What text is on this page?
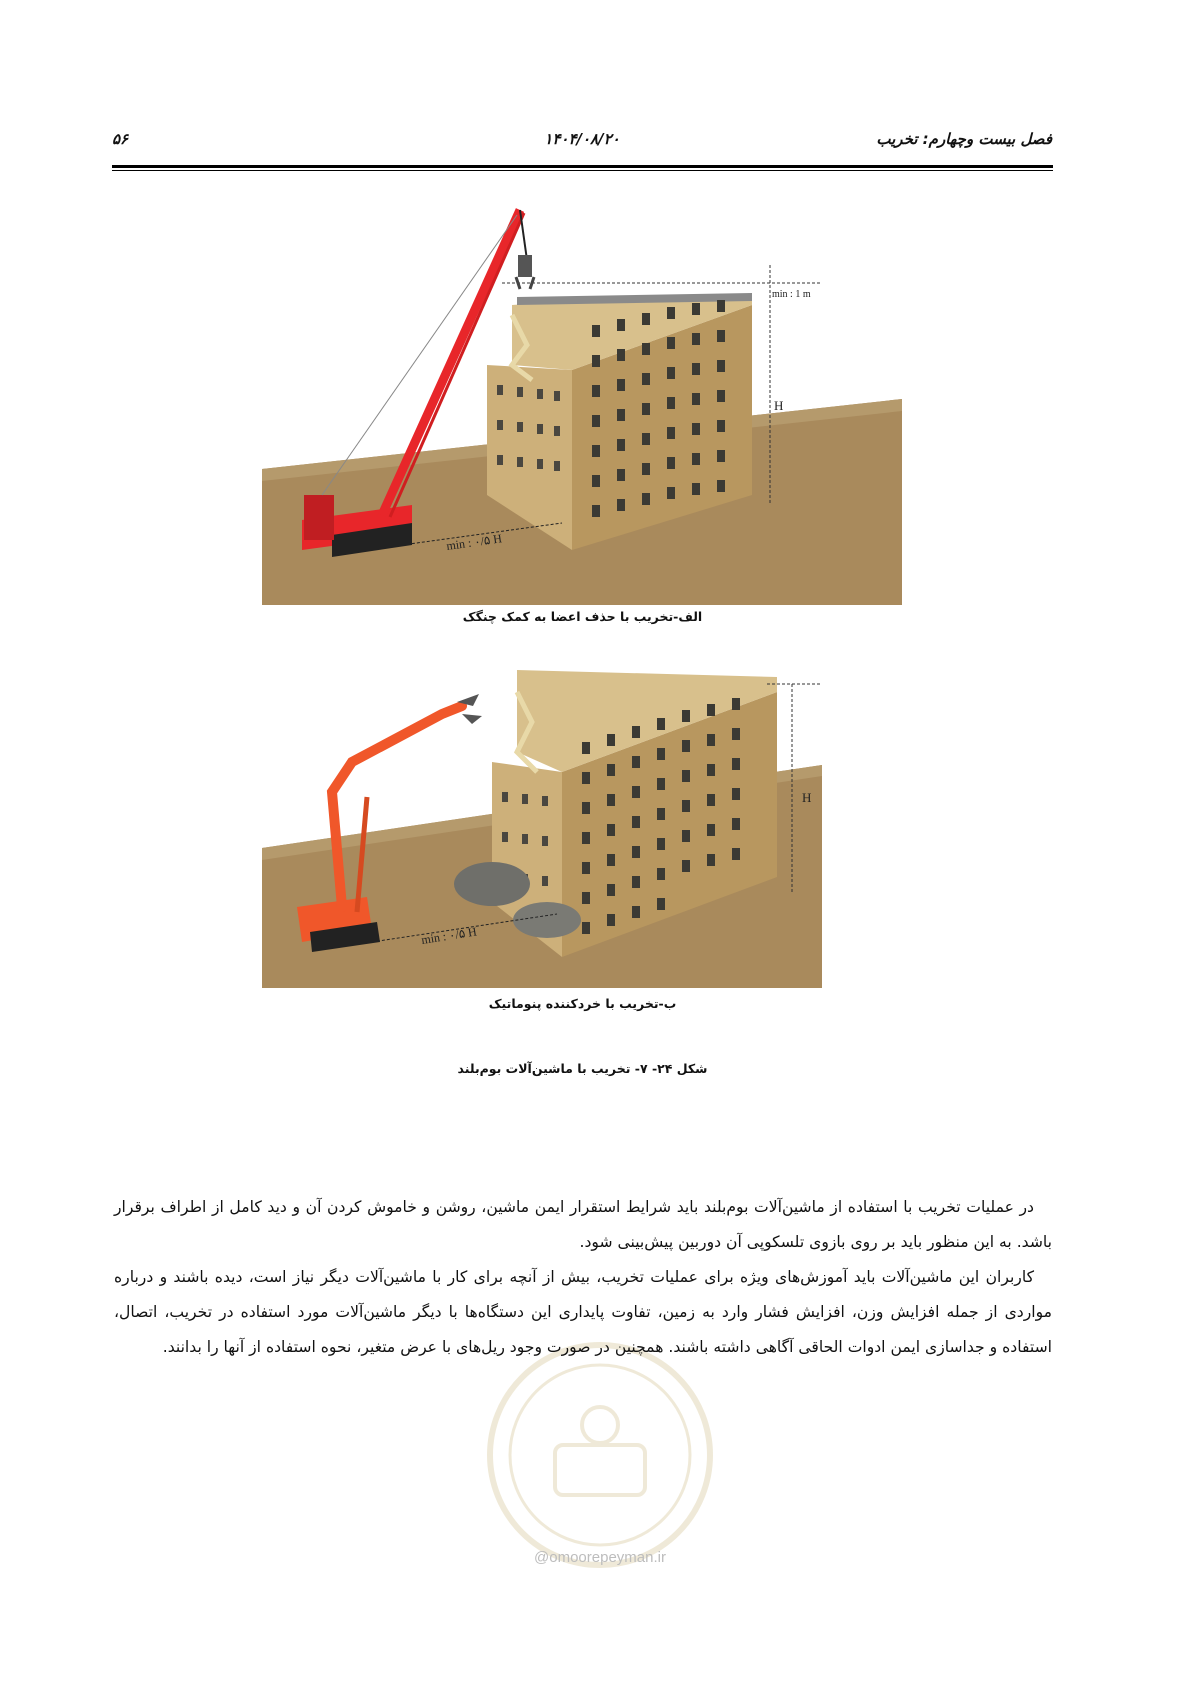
فصل بیست وچهارم: تخریب
۱۴۰۴/۰۸/۲۰
۵۶
min : 1 m
H
min : ۰/۵ H
الف-تخریب با حذف اعضا به کمک چنگک
H
min : ۰/۵ H
ب-تخریب با خردکننده پنوماتیک
شکل ۲۴- ۷- تخریب با ماشین‌آلات بوم‌بلند
@omoorepeyman.ir

در عملیات تخریب با استفاده از ماشین‌آلات بوم‌بلند باید شرایط استقرار ایمن ماشین، روشن و خاموش کردن آن و دید کامل از اطراف برقرار باشد. به این منظور باید بر روی بازوی تلسکوپی آن دوربین پیش‌بینی شود.

کاربران این ماشین‌آلات باید آموزش‌های ویژه برای عملیات تخریب، بیش از آنچه برای کار با ماشین‌آلات دیگر نیاز است، دیده باشند و درباره مواردی از جمله افزایش وزن، افزایش فشار وارد به زمین، تفاوت پایداری این دستگاه‌ها با دیگر ماشین‌آلات مورد استفاده در تخریب، اتصال، استفاده و جداسازی ایمن ادوات الحاقی آگاهی داشته باشند. همچنین در صورت وجود ریل‌های با عرض متغیر، نحوه استفاده از آنها را بدانند.
